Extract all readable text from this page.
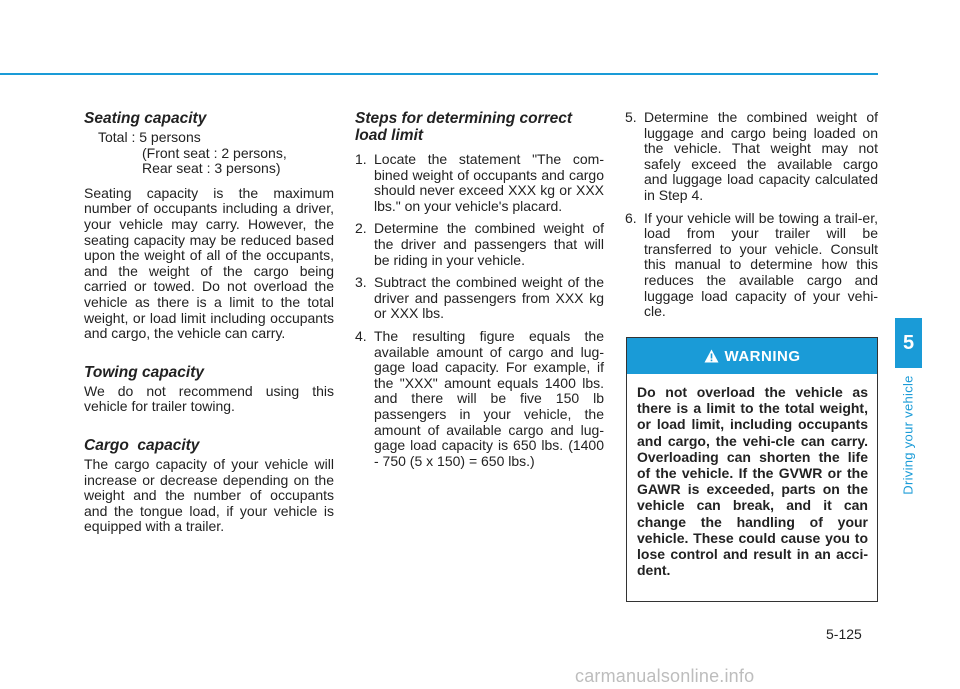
Seating capacity
Total : 5 persons
(Front seat : 2 persons,
Rear seat : 3 persons)

Seating capacity is the maximum number of occupants including a driver, your vehicle may carry. However, the seating capacity may be reduced based upon the weight of all of the occupants, and the weight of the cargo being carried or towed. Do not overload the vehicle as there is a limit to the total weight, or load limit including occupants and cargo, the vehicle can carry.

Towing capacity

We do not recommend using this vehicle for trailer towing.

Cargo  capacity

The cargo capacity of your vehicle will increase or decrease depending on the weight and the number of occupants and the tongue load, if your vehicle is equipped with a trailer.

Steps for determining correct load limit
1. Locate the statement "The com-bined weight of occupants and cargo should never exceed XXX kg or XXX lbs." on your vehicle's placard.
2. Determine the combined weight of the driver and passengers that will be riding in your vehicle.
3. Subtract the combined weight of the driver and passengers from XXX kg or XXX lbs.
4. The resulting figure equals the available amount of cargo and lug-gage load capacity. For example, if the "XXX" amount equals 1400 lbs. and there will be five 150 lb passengers in your vehicle, the amount of available cargo and lug-gage load capacity is 650 lbs. (1400 - 750 (5 x 150) = 650 lbs.)
5. Determine the combined weight of luggage and cargo being loaded on the vehicle. That weight may not safely exceed the available cargo and luggage load capacity calculated in Step 4.
6. If your vehicle will be towing a trail-er, load from your trailer will be transferred to your vehicle. Consult this manual to determine how this reduces the available cargo and luggage load capacity of your vehi-cle.
WARNING
Do not overload the vehicle as there is a limit to the total weight, or load limit, including occupants and cargo, the vehi-cle can carry. Overloading can shorten the life of the vehicle. If the GVWR or the GAWR is exceeded, parts on the vehicle can break, and it can change the handling of your vehicle. These could cause you to lose control and result in an acci-dent.
5
Driving your vehicle
5-125
carmanualsonline.info
